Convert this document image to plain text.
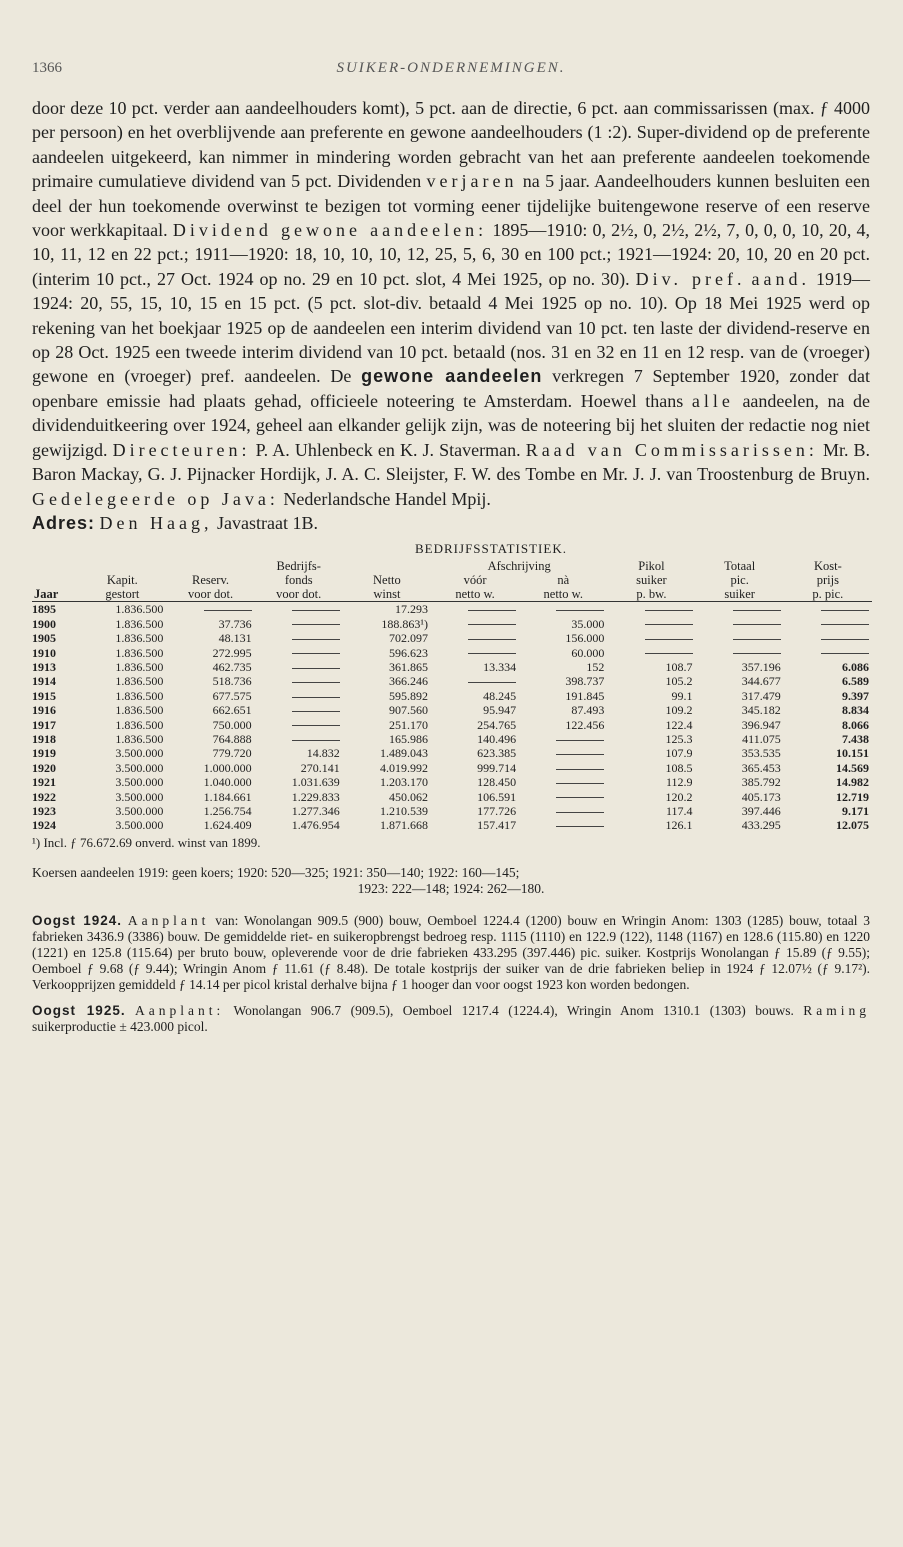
1366	SUIKER-ONDERNEMINGEN.
door deze 10 pct. verder aan aandeelhouders komt), 5 pct. aan de directie, 6 pct. aan commissarissen (max. ƒ 4000 per persoon) en het overblijvende aan preferente en gewone aandeelhouders (1 :2). Super-dividend op de preferente aandeelen uitgekeerd, kan nimmer in mindering worden gebracht van het aan preferente aandeelen toekomende primaire cumulatieve dividend van 5 pct. Dividenden verjaren na 5 jaar. Aandeelhouders kunnen besluiten een deel der hun toekomende overwinst te bezigen tot vorming eener tijdelijke buitengewone reserve of een reserve voor werkkapitaal. Dividend gewone aandeelen: 1895—1910: 0, 2½, 0, 2½, 2½, 7, 0, 0, 0, 10, 20, 4, 10, 11, 12 en 22 pct.; 1911—1920: 18, 10, 10, 10, 12, 25, 5, 6, 30 en 100 pct.; 1921—1924: 20, 10, 20 en 20 pct. (interim 10 pct., 27 Oct. 1924 op no. 29 en 10 pct. slot, 4 Mei 1925, op no. 30). Div. pref. aand. 1919—1924: 20, 55, 15, 10, 15 en 15 pct. (5 pct. slot-div. betaald 4 Mei 1925 op no. 10). Op 18 Mei 1925 werd op rekening van het boekjaar 1925 op de aandeelen een interim dividend van 10 pct. ten laste der dividend-reserve en op 28 Oct. 1925 een tweede interim dividend van 10 pct. betaald (nos. 31 en 32 en 11 en 12 resp. van de (vroeger) gewone en (vroeger) pref. aandeelen. De gewone aandeelen verkregen 7 September 1920, zonder dat openbare emissie had plaats gehad, officieele noteering te Amsterdam. Hoewel thans alle aandeelen, na de dividenduitkeering over 1924, geheel aan elkander gelijk zijn, was de noteering bij het sluiten der redactie nog niet gewijzigd. Directeuren: P. A. Uhlenbeck en K. J. Staverman. Raad van Commissarissen: Mr. B. Baron Mackay, G. J. Pijnacker Hordijk, J. A. C. Sleijster, F. W. des Tombe en Mr. J. J. van Troostenburg de Bruyn. Gedelegeerde op Java: Nederlandsche Handel Mpij.
Adres: Den Haag, Javastraat 1B.
BEDRIJFSSTATISTIEK.
			Bedrijfs-		Afschrijving		Pikol	Totaal	Kost-
	Kapit.	Reserv.	fonds	Netto	vóór	nà	suiker	pic.	prijs
Jaar	gestort	voor dot.	voor dot.	winst	netto w.	netto w.	p. bw.	suiker	p. pic.
1895	1.836.500			17.293					
1900	1.836.500	37.736		188.863¹)		35.000			
1905	1.836.500	48.131		702.097		156.000			
1910	1.836.500	272.995		596.623		60.000			
1913	1.836.500	462.735		361.865	13.334	152	108.7	357.196	6.086
1914	1.836.500	518.736		366.246		398.737	105.2	344.677	6.589
1915	1.836.500	677.575		595.892	48.245	191.845	99.1	317.479	9.397
1916	1.836.500	662.651		907.560	95.947	87.493	109.2	345.182	8.834
1917	1.836.500	750.000		251.170	254.765	122.456	122.4	396.947	8.066
1918	1.836.500	764.888		165.986	140.496		125.3	411.075	7.438
1919	3.500.000	779.720	14.832	1.489.043	623.385		107.9	353.535	10.151
1920	3.500.000	1.000.000	270.141	4.019.992	999.714		108.5	365.453	14.569
1921	3.500.000	1.040.000	1.031.639	1.203.170	128.450		112.9	385.792	14.982
1922	3.500.000	1.184.661	1.229.833	450.062	106.591		120.2	405.173	12.719
1923	3.500.000	1.256.754	1.277.346	1.210.539	177.726		117.4	397.446	9.171
1924	3.500.000	1.624.409	1.476.954	1.871.668	157.417		126.1	433.295	12.075
¹) Incl. ƒ 76.672.69 onverd. winst van 1899.
Koersen aandeelen 1919: geen koers; 1920: 520—325; 1921: 350—140; 1922: 160—145;
1923: 222—148; 1924: 262—180.
Oogst 1924. Aanplant van: Wonolangan 909.5 (900) bouw, Oemboel 1224.4 (1200) bouw en Wringin Anom: 1303 (1285) bouw, totaal 3 fabrieken 3436.9 (3386) bouw. De gemiddelde riet- en suikeropbrengst bedroeg resp. 1115 (1110) en 122.9 (122), 1148 (1167) en 128.6 (115.80) en 1220 (1221) en 125.8 (115.64) per bruto bouw, opleverende voor de drie fabrieken 433.295 (397.446) pic. suiker. Kostprijs Wonolangan ƒ 15.89 (ƒ 9.55); Oemboel ƒ 9.68 (ƒ 9.44); Wringin Anom ƒ 11.61 (ƒ 8.48). De totale kostprijs der suiker van de drie fabrieken beliep in 1924 ƒ 12.07½ (ƒ 9.17²). Verkoopprijzen gemiddeld ƒ 14.14 per picol kristal derhalve bijna ƒ 1 hooger dan voor oogst 1923 kon worden bedongen.
Oogst 1925. Aanplant: Wonolangan 906.7 (909.5), Oemboel 1217.4 (1224.4), Wringin Anom 1310.1 (1303) bouws. Raming suikerproductie ± 423.000 picol.
